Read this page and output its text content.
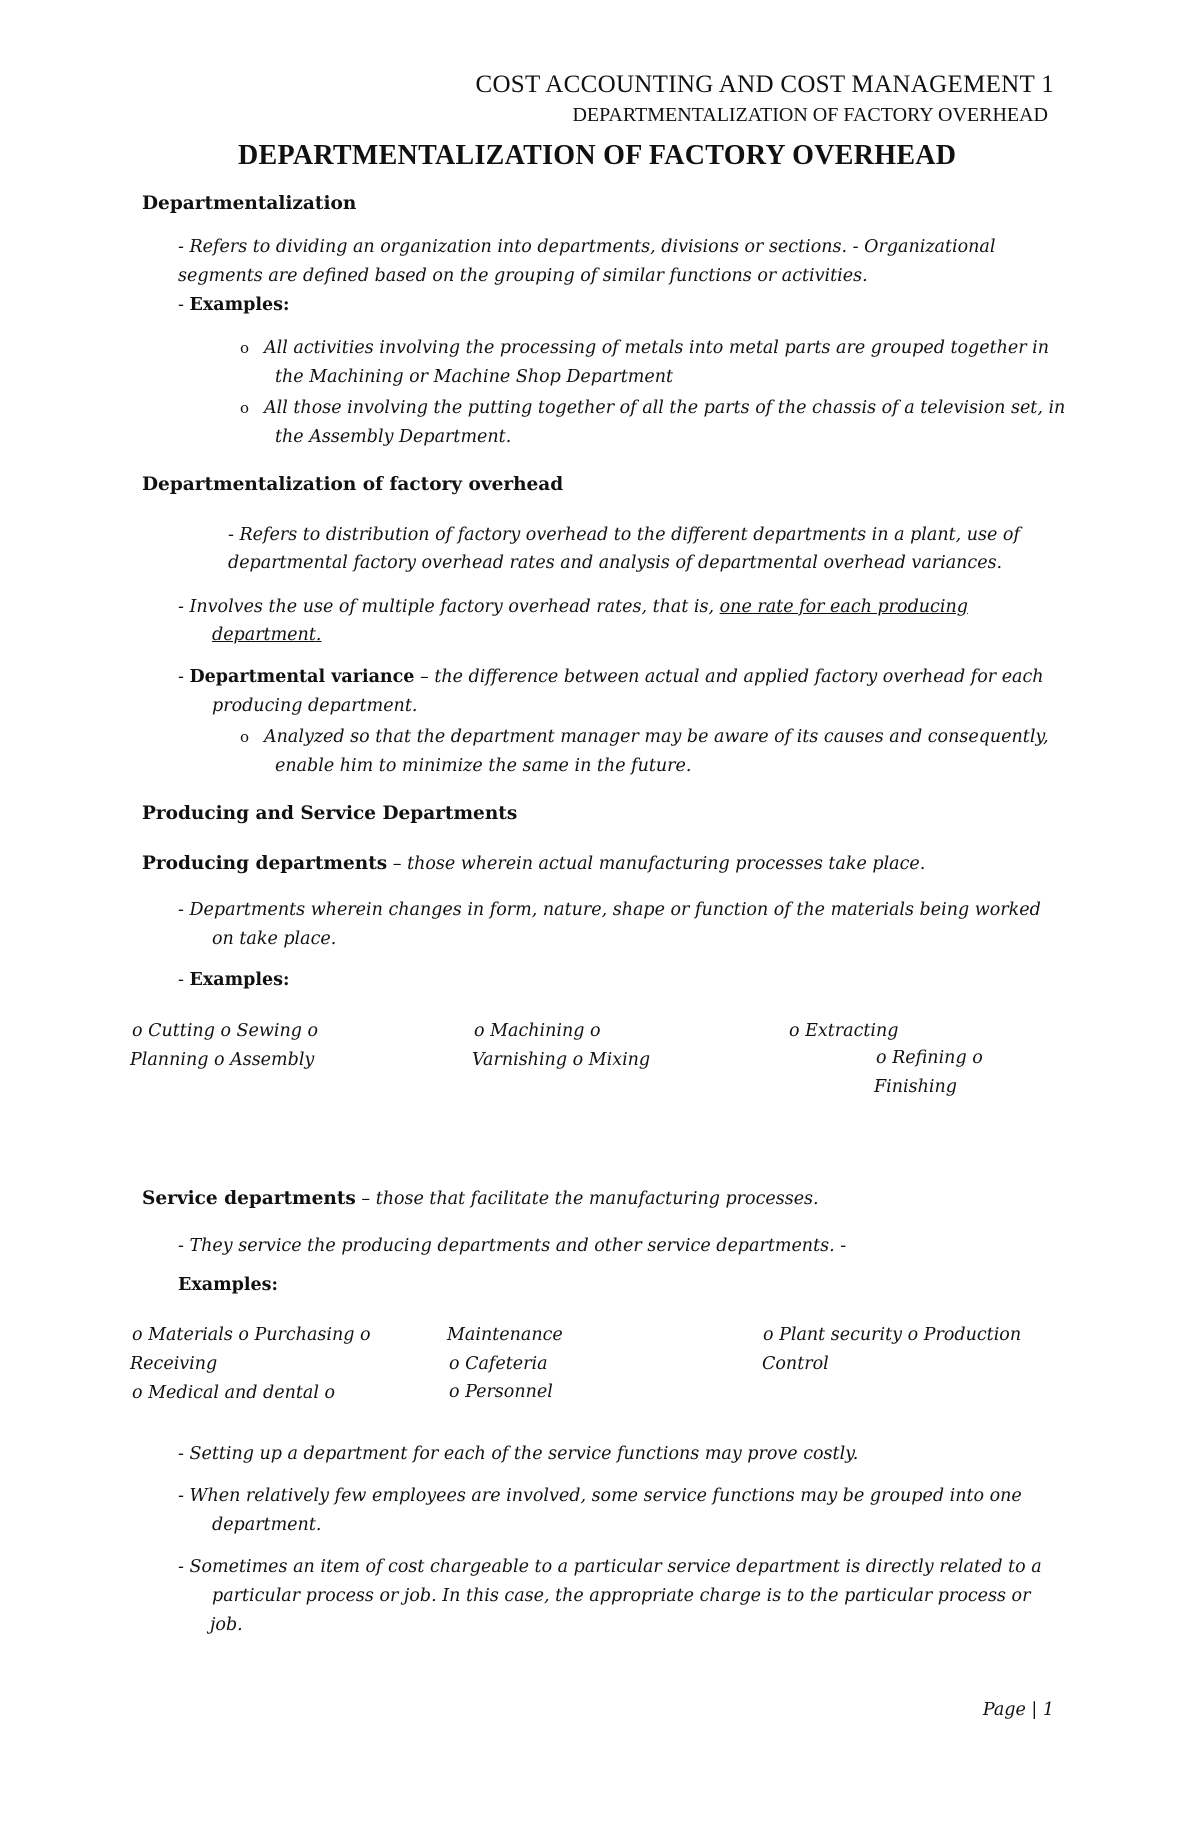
COST ACCOUNTING AND COST MANAGEMENT 1
DEPARTMENTALIZATION OF FACTORY OVERHEAD
DEPARTMENTALIZATION OF FACTORY OVERHEAD
Departmentalization
- Refers to dividing an organization into departments, divisions or sections. - Organizational
segments are defined based on the grouping of similar functions or activities.
- Examples:
o All activities involving the processing of metals into metal parts are grouped together in
the Machining or Machine Shop Department
o All those involving the putting together of all the parts of the chassis of a television set, in
the Assembly Department.
Departmentalization of factory overhead
- Refers to distribution of factory overhead to the different departments in a plant, use of
departmental factory overhead rates and analysis of departmental overhead variances.
- Involves the use of multiple factory overhead rates, that is, one rate for each producing
department.
- Departmental variance – the difference between actual and applied factory overhead for each
producing department.
o Analyzed so that the department manager may be aware of its causes and consequently,
enable him to minimize the same in the future.
Producing and Service Departments
Producing departments – those wherein actual manufacturing processes take place.
- Departments wherein changes in form, nature, shape or function of the materials being worked
on take place.
- Examples:
o Cutting o Sewing o
Planning o Assembly
o Machining o
Varnishing o Mixing
o Extracting
o Refining o
Finishing
Service departments – those that facilitate the manufacturing processes.
- They service the producing departments and other service departments. -
Examples:
o Materials o Purchasing o
Receiving
o Medical and dental o
Maintenance
o Cafeteria
o Personnel
o Plant security o Production
Control
- Setting up a department for each of the service functions may prove costly.
- When relatively few employees are involved, some service functions may be grouped into one
department.
- Sometimes an item of cost chargeable to a particular service department is directly related to a
particular process or job. In this case, the appropriate charge is to the particular process or
job.
Page | 1
